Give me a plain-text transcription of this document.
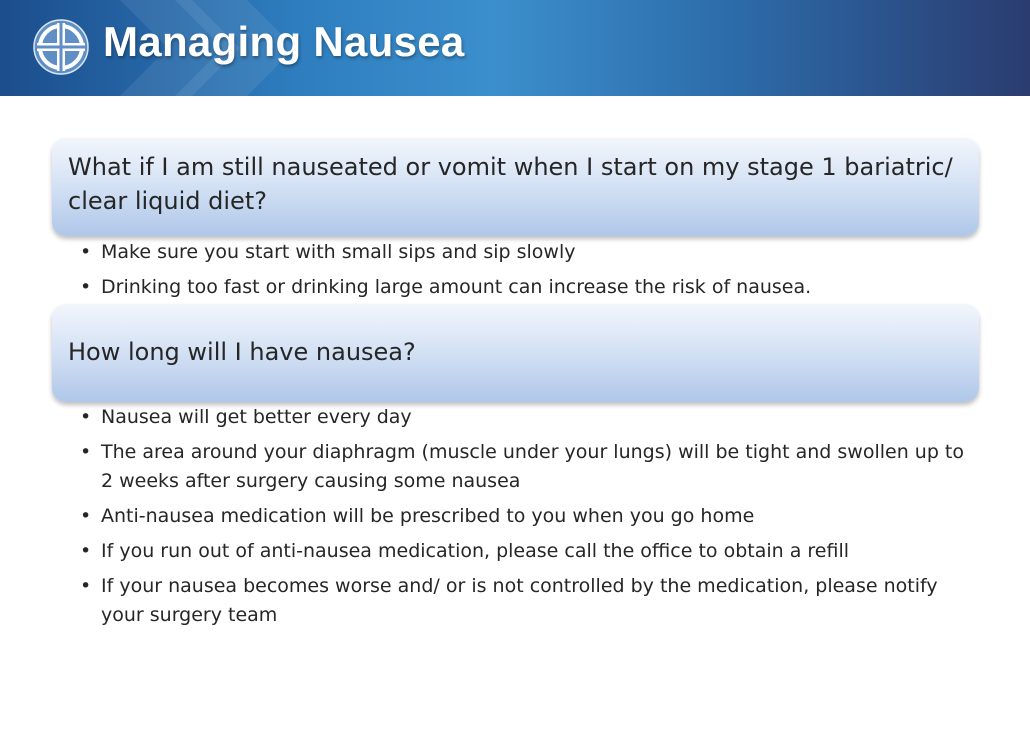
Managing Nausea
What if I am still nauseated or vomit when I start on my stage 1 bariatric/ clear liquid diet?
• Make sure you start with small sips and sip slowly
• Drinking too fast or drinking large amount can increase the risk of nausea.
How long will I have nausea?
• Nausea will get better every day
• The area around your diaphragm (muscle under your lungs) will be tight and swollen up to 2 weeks after surgery causing some nausea
• Anti-nausea medication will be prescribed to you when you go home
• If you run out of anti-nausea medication, please call the office to obtain a refill
• If your nausea becomes worse and/ or is not controlled by the medication, please notify your surgery team
